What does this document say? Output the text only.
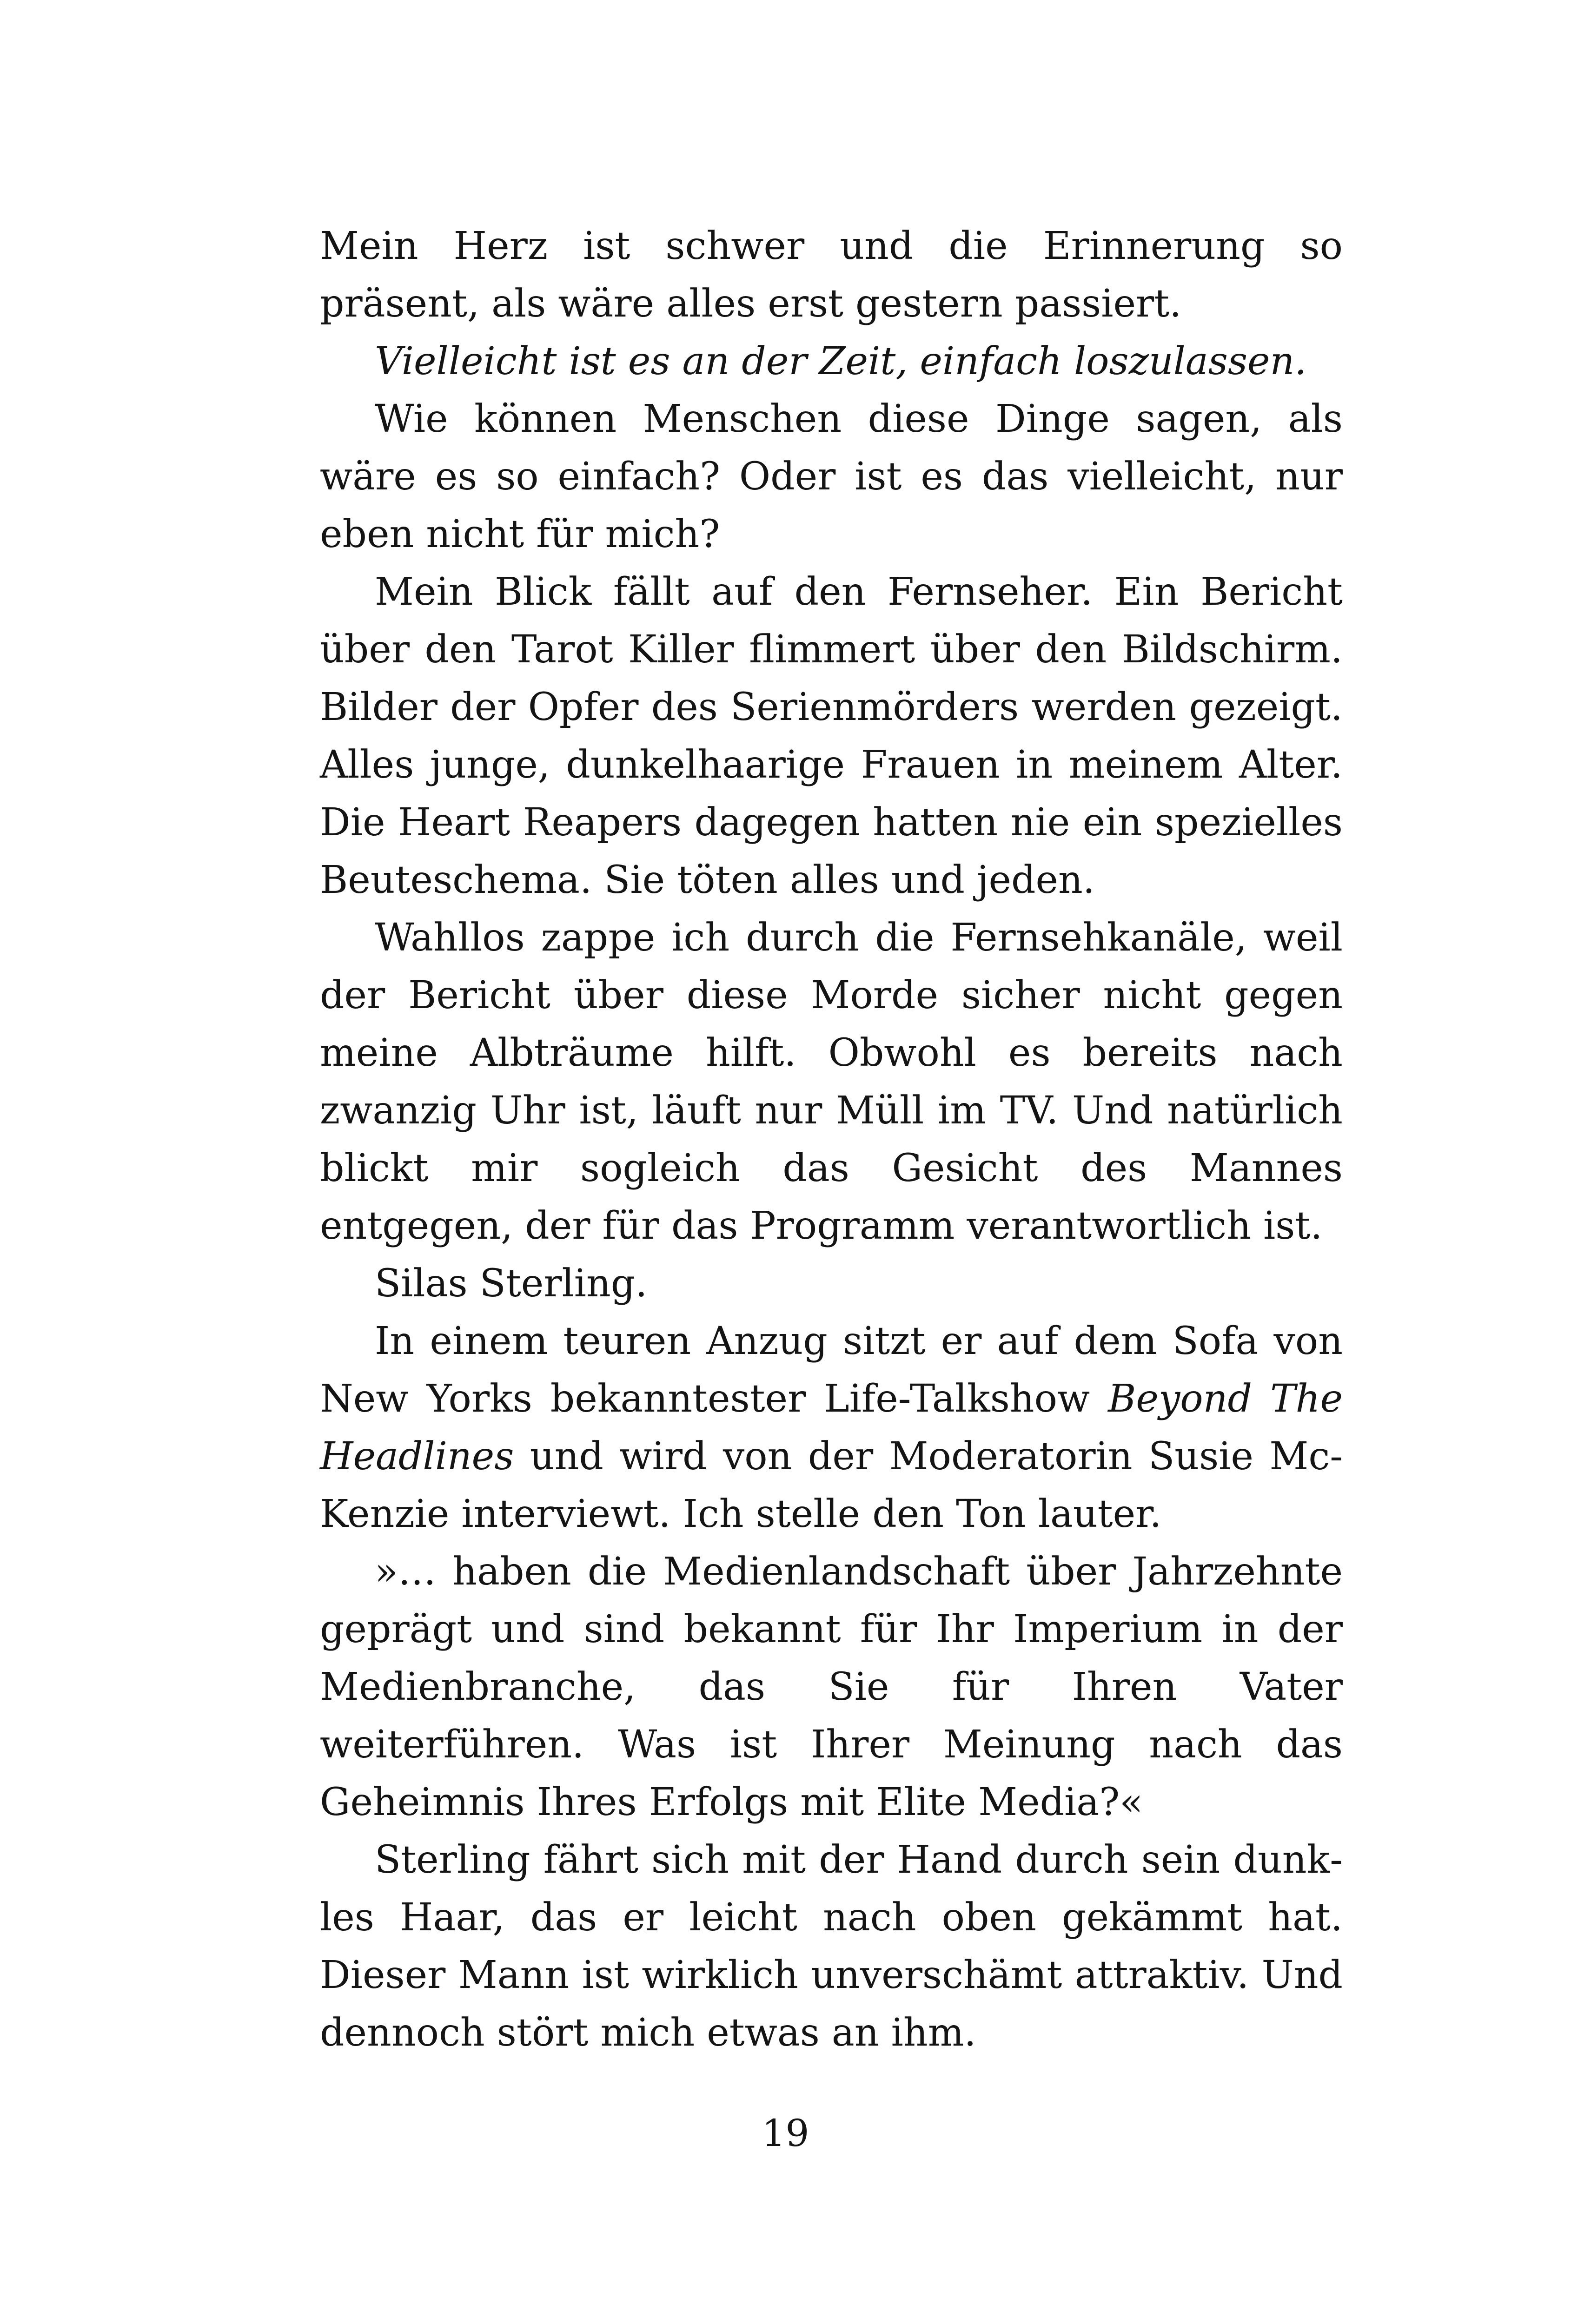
Mein Herz ist schwer und die Erinnerung so präsent, als wäre alles erst gestern passiert.

Vielleicht ist es an der Zeit, einfach loszulassen.

Wie können Menschen diese Dinge sagen, als wäre es so einfach? Oder ist es das vielleicht, nur eben nicht für mich?

Mein Blick fällt auf den Fernseher. Ein Bericht über den Tarot Killer flimmert über den Bildschirm. Bilder der Opfer des Serienmörders werden gezeigt. Alles junge, dunkelhaarige Frauen in meinem Alter. Die Heart Reapers dagegen hatten nie ein spezielles Beuteschema. Sie töten alles und jeden.

Wahllos zappe ich durch die Fernsehkanäle, weil der Bericht über diese Morde sicher nicht gegen meine Albträume hilft. Obwohl es bereits nach zwanzig Uhr ist, läuft nur Müll im TV. Und natürlich blickt mir sogleich das Gesicht des Mannes entgegen, der für das Programm verantwortlich ist.

Silas Sterling.

In einem teuren Anzug sitzt er auf dem Sofa von New Yorks bekanntester Life-Talkshow Beyond The Headlines und wird von der Moderatorin Susie McKenzie interviewt. Ich stelle den Ton lauter.

»… haben die Medienlandschaft über Jahrzehnte geprägt und sind bekannt für Ihr Imperium in der Medienbranche, das Sie für Ihren Vater weiterführen. Was ist Ihrer Meinung nach das Geheimnis Ihres Erfolgs mit Elite Media?«

Sterling fährt sich mit der Hand durch sein dunkles Haar, das er leicht nach oben gekämmt hat. Dieser Mann ist wirklich unverschämt attraktiv. Und dennoch stört mich etwas an ihm.

19
